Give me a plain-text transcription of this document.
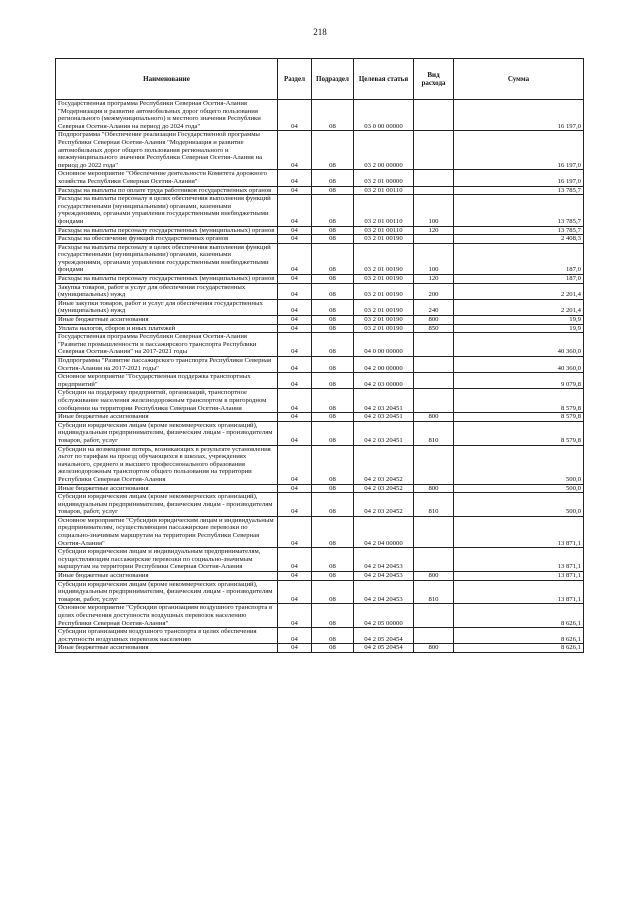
218
Наименование	Раздел	Подраздел	Целевая статья	Вид расхода	Сумма
Государственная программа Республики Северная Осетия-Алания "Модернизация и развитие автомобильных дорог общего пользования регионального (межмуниципального) и местного значения Республики Северная Осетия-Алания на период до 2024 года"	04	08	03 0 00 00000		16 197,0
Подпрограмма "Обеспечение реализации Государственной программы Республики Северная Осетия-Алания "Модернизация и развитие автомобильных дорог общего пользования регионального и межмуниципального значения Республики Северная Осетия-Алания на период до 2022 года"	04	08	03 2 00 00000		16 197,0
Основное мероприятие "Обеспечение деятельности Комитета дорожного хозяйства Республики Северная Осетия-Алания"	04	08	03 2 01 00000		16 197,0
Расходы на выплаты по оплате труда работников государственных органов	04	08	03 2 01 00110		13 785,7
Расходы на выплаты персоналу в целях обеспечения выполнения функций государственными (муниципальными) органами, казенными учреждениями, органами управления государственными внебюджетными фондами	04	08	03 2 01 00110	100	13 785,7
Расходы на выплаты персоналу государственных (муниципальных) органов	04	08	03 2 01 00110	120	13 785,7
Расходы на обеспечение функций государственных органов	04	08	03 2 01 00190		2 408,3
Расходы на выплаты персоналу в целях обеспечения выполнения функций государственными (муниципальными) органами, казенными учреждениями, органами управления государственными внебюджетными фондами	04	08	03 2 01 00190	100	187,0
Расходы на выплаты персоналу государственных (муниципальных) органов	04	08	03 2 01 00190	120	187,0
Закупка товаров, работ и услуг для обеспечения государственных (муниципальных) нужд	04	08	03 2 01 00190	200	2 201,4
Иные закупки товаров, работ и услуг для обеспечения государственных (муниципальных) нужд	04	08	03 2 01 00190	240	2 201,4
Иные бюджетные ассигнования	04	08	03 2 01 00190	800	19,9
Уплата налогов, сборов и иных платежей	04	08	03 2 01 00190	850	19,9
Государственная программа Республики Северная Осетия-Алания "Развитие промышленности и пассажирского транспорта Республики Северная Осетия-Алания" на 2017-2021 годы	04	08	04 0 00 00000		40 360,0
Подпрограмма "Развитие пассажирского транспорта Республики Северная Осетия-Алания на 2017-2021 годы"	04	08	04 2 00 00000		40 360,0
Основное мероприятие "Государственная поддержка транспортных предприятий"	04	08	04 2 03 00000		9 079,8
Субсидии на поддержку предприятий, организаций, транспортное обслуживание населения железнодорожным транспортом в пригородном сообщении на территории Республики Северная Осетия-Алания	04	08	04 2 03 20451		8 579,8
Иные бюджетные ассигнования	04	08	04 2 03 20451	800	8 579,8
Субсидии юридическим лицам (кроме некоммерческих организаций), индивидуальным предпринимателям, физическим лицам - производителям товаров, работ, услуг	04	08	04 2 03 20451	810	8 579,8
Субсидии на возмещение потерь, возникающих в результате установления льгот по тарифам на проезд обучающихся в школах, учреждениях начального, среднего и высшего профессионального образования железнодорожным транспортом общего пользования на территории Республики Северная Осетия-Алания	04	08	04 2 03 20452		500,0
Иные бюджетные ассигнования	04	08	04 2 03 20452	800	500,0
Субсидии юридическим лицам (кроме некоммерческих организаций), индивидуальным предпринимателям, физическим лицам - производителям товаров, работ, услуг	04	08	04 2 03 20452	810	500,0
Основное мероприятие "Субсидии юридическим лицам и индивидуальным предпринимателям, осуществляющим пассажирские перевозки по социально-значимым маршрутам на территории Республики Северная Осетия-Алания"	04	08	04 2 04 00000		13 871,1
Субсидии юридическим лицам и индивидуальным предпринимателям, осуществляющим пассажирские перевозки по социально-значимым маршрутам на территории Республики Северная Осетия-Алания	04	08	04 2 04 20453		13 871,1
Иные бюджетные ассигнования	04	08	04 2 04 20453	800	13 871,1
Субсидии юридическим лицам (кроме некоммерческих организаций), индивидуальным предпринимателям, физическим лицам - производителям товаров, работ, услуг	04	08	04 2 04 20453	810	13 871,1
Основное мероприятие "Субсидии организациям воздушного транспорта в целях обеспечения доступности воздушных перевозок населению Республики Северная Осетия-Алания"	04	08	04 2 05 00000		8 626,1
Субсидии организациям воздушного транспорта в целях обеспечения доступности воздушных перевозок населению	04	08	04 2 05 20454		8 626,1
Иные бюджетные ассигнования	04	08	04 2 05 20454	800	8 626,1
